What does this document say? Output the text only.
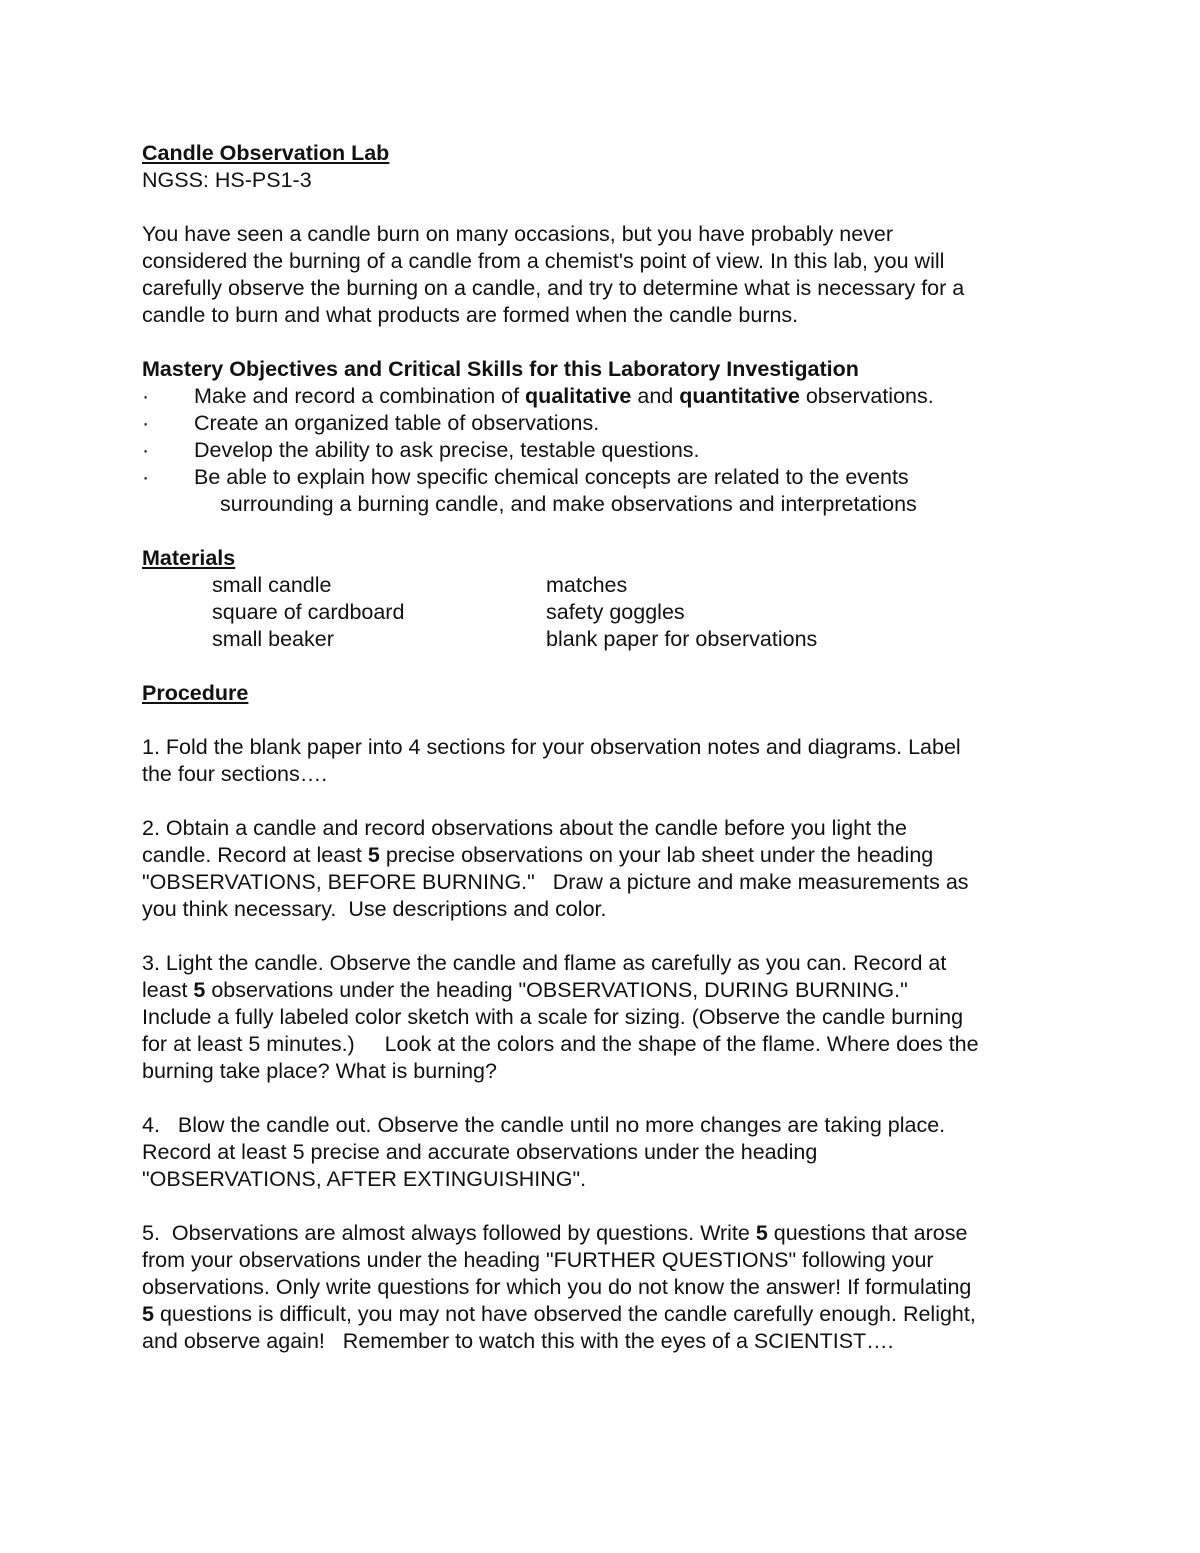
Candle Observation Lab

NGSS: HS-PS1-3

You have seen a candle burn on many occasions, but you have probably never

considered the burning of a candle from a chemist's point of view. In this lab, you will

carefully observe the burning on a candle, and try to determine what is necessary for a

candle to burn and what products are formed when the candle burns.

Mastery Objectives and Critical Skills for this Laboratory Investigation

· Make and record a combination of qualitative and quantitative observations.
· Create an organized table of observations.
· Develop the ability to ask precise, testable questions.
· Be able to explain how specific chemical concepts are related to the events

surrounding a burning candle, and make observations and interpretations

Materials

small candle	matches
square of cardboard	safety goggles
small beaker	blank paper for observations

Procedure

1. Fold the blank paper into 4 sections for your observation notes and diagrams. Label

the four sections….

2. Obtain a candle and record observations about the candle before you light the

candle. Record at least 5 precise observations on your lab sheet under the heading

"OBSERVATIONS, BEFORE BURNING."   Draw a picture and make measurements as

you think necessary.  Use descriptions and color.

3. Light the candle. Observe the candle and flame as carefully as you can. Record at

least 5 observations under the heading "OBSERVATIONS, DURING BURNING."

Include a fully labeled color sketch with a scale for sizing. (Observe the candle burning

for at least 5 minutes.)     Look at the colors and the shape of the flame. Where does the

burning take place? What is burning?

4.   Blow the candle out. Observe the candle until no more changes are taking place.

Record at least 5 precise and accurate observations under the heading

"OBSERVATIONS, AFTER EXTINGUISHING".

5.  Observations are almost always followed by questions. Write 5 questions that arose

from your observations under the heading "FURTHER QUESTIONS" following your

observations. Only write questions for which you do not know the answer! If formulating

5 questions is difficult, you may not have observed the candle carefully enough. Relight,

and observe again!   Remember to watch this with the eyes of a SCIENTIST….
